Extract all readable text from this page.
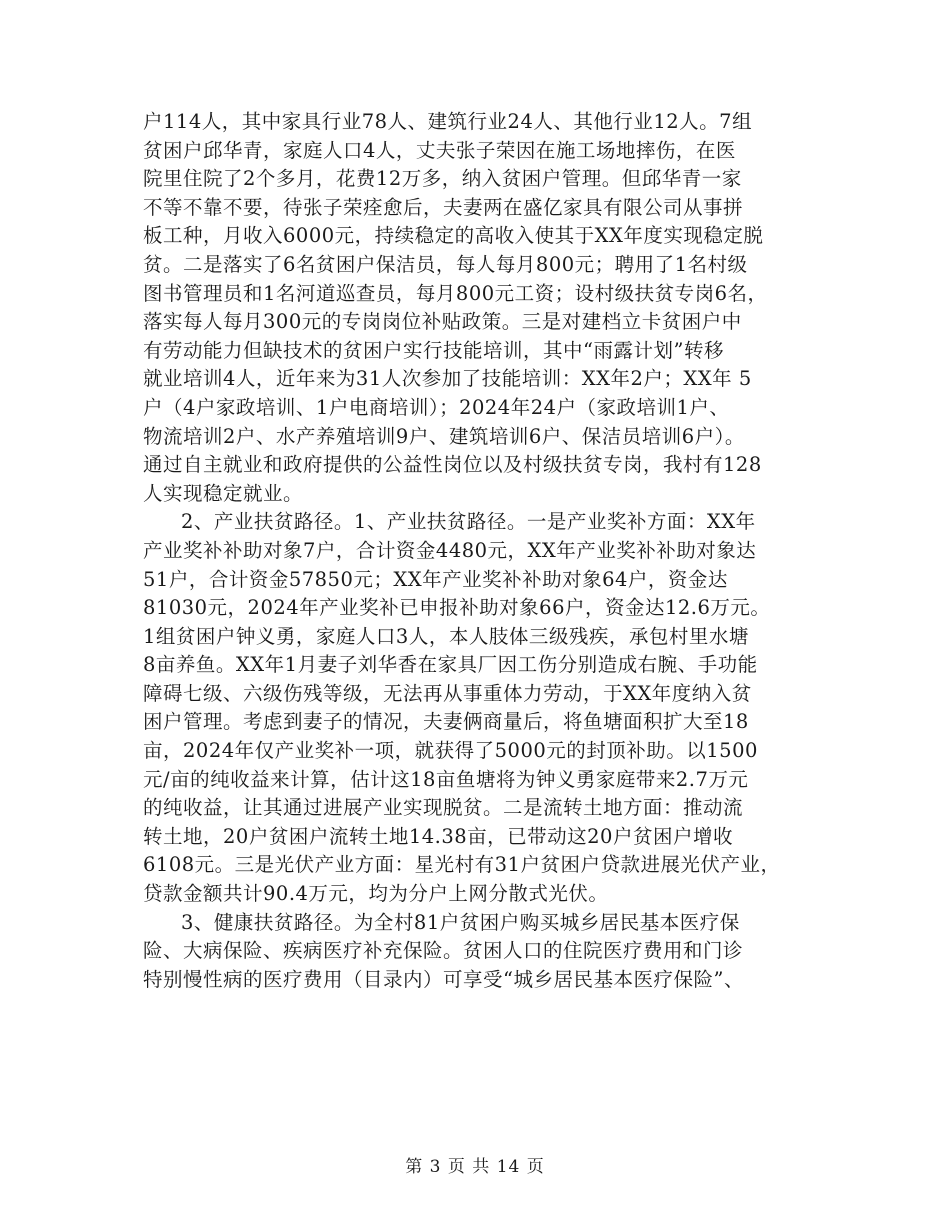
户114人，其中家具行业78人、建筑行业24人、其他行业12人。7组
贫困户邱华青，家庭人口4人，丈夫张子荣因在施工场地摔伤，在医
院里住院了2个多月，花费12万多，纳入贫困户管理。但邱华青一家
不等不靠不要，待张子荣痊愈后，夫妻两在盛亿家具有限公司从事拼
板工种，月收入6000元，持续稳定的高收入使其于XX年度实现稳定脱
贫。二是落实了6名贫困户保洁员，每人每月800元；聘用了1名村级
图书管理员和1名河道巡查员，每月800元工资；设村级扶贫专岗6名，
落实每人每月300元的专岗岗位补贴政策。三是对建档立卡贫困户中
有劳动能力但缺技术的贫困户实行技能培训，其中“雨露计划”转移
就业培训4人，近年来为31人次参加了技能培训：XX年2户；XX年 5
户（4户家政培训、1户电商培训）；2024年24户（家政培训1户、
物流培训2户、水产养殖培训9户、建筑培训6户、保洁员培训6户）。
通过自主就业和政府提供的公益性岗位以及村级扶贫专岗，我村有128
人实现稳定就业。
2、产业扶贫路径。1、产业扶贫路径。一是产业奖补方面：XX年
产业奖补补助对象7户，合计资金4480元，XX年产业奖补补助对象达
51户，合计资金57850元；XX年产业奖补补助对象64户，资金达
81030元，2024年产业奖补已申报补助对象66户，资金达12.6万元。
1组贫困户钟义勇，家庭人口3人，本人肢体三级残疾，承包村里水塘
8亩养鱼。XX年1月妻子刘华香在家具厂因工伤分别造成右腕、手功能
障碍七级、六级伤残等级，无法再从事重体力劳动，于XX年度纳入贫
困户管理。考虑到妻子的情况，夫妻俩商量后，将鱼塘面积扩大至18
亩，2024年仅产业奖补一项，就获得了5000元的封顶补助。以1500
元/亩的纯收益来计算，估计这18亩鱼塘将为钟义勇家庭带来2.7万元
的纯收益，让其通过进展产业实现脱贫。二是流转土地方面：推动流
转土地，20户贫困户流转土地14.38亩，已带动这20户贫困户增收
6108元。三是光伏产业方面：星光村有31户贫困户贷款进展光伏产业，
贷款金额共计90.4万元，均为分户上网分散式光伏。
3、健康扶贫路径。为全村81户贫困户购买城乡居民基本医疗保
险、大病保险、疾病医疗补充保险。贫困人口的住院医疗费用和门诊
特别慢性病的医疗费用（目录内）可享受“城乡居民基本医疗保险”、
第 3 页 共 14 页
